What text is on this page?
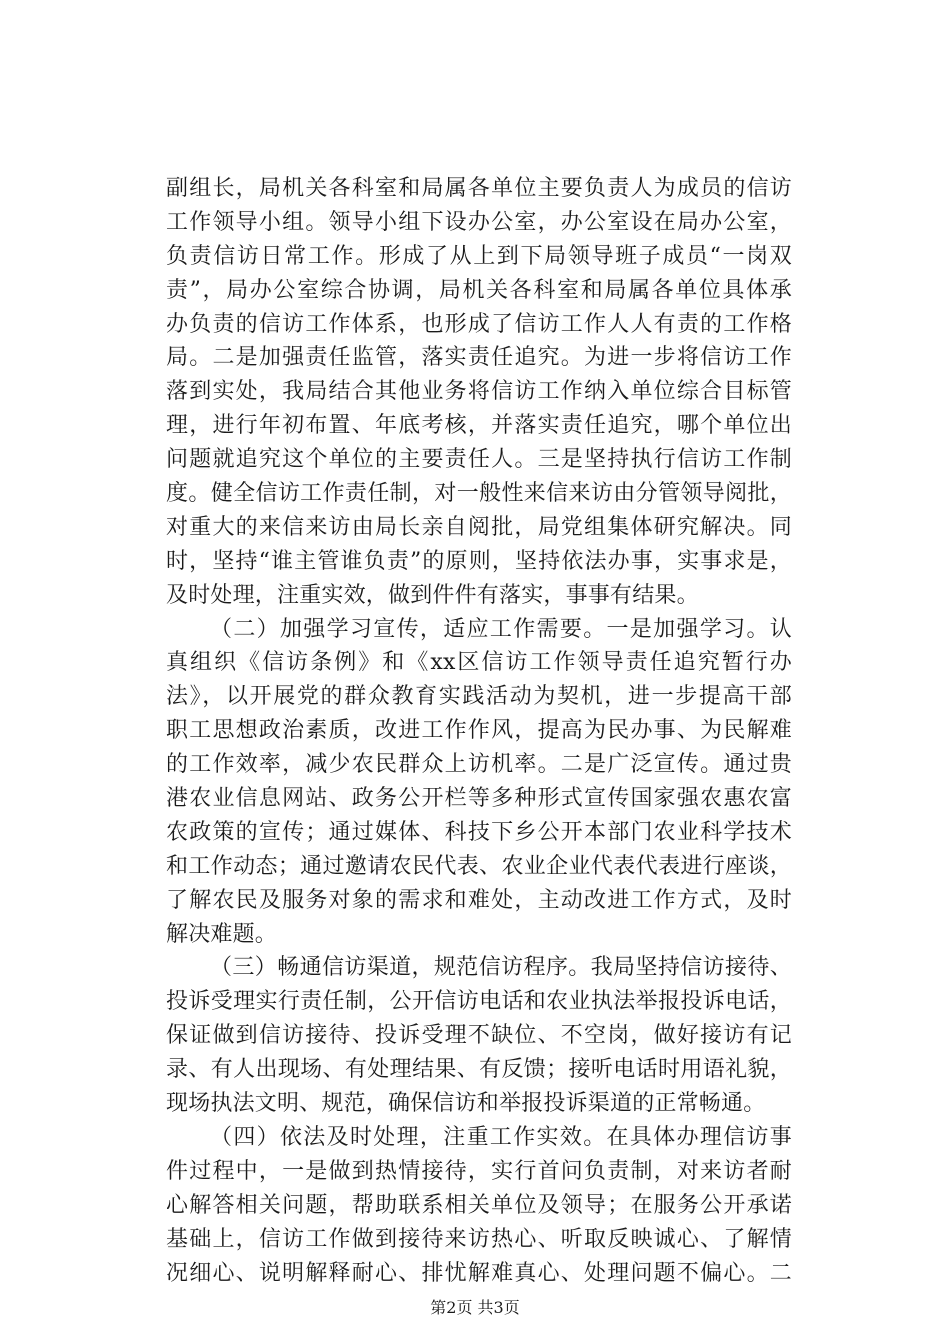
副组长，局机关各科室和局属各单位主要负责人为成员的信访
工作领导小组。领导小组下设办公室，办公室设在局办公室，
负责信访日常工作。形成了从上到下局领导班子成员“一岗双
责”，局办公室综合协调，局机关各科室和局属各单位具体承
办负责的信访工作体系，也形成了信访工作人人有责的工作格
局。二是加强责任监管，落实责任追究。为进一步将信访工作
落到实处，我局结合其他业务将信访工作纳入单位综合目标管
理，进行年初布置、年底考核，并落实责任追究，哪个单位出
问题就追究这个单位的主要责任人。三是坚持执行信访工作制
度。健全信访工作责任制，对一般性来信来访由分管领导阅批，
对重大的来信来访由局长亲自阅批，局党组集体研究解决。同
时，坚持“谁主管谁负责”的原则，坚持依法办事，实事求是，
及时处理，注重实效，做到件件有落实，事事有结果。
（二）加强学习宣传，适应工作需要。一是加强学习。认
真组织《信访条例》和《xx区信访工作领导责任追究暂行办
法》，以开展党的群众教育实践活动为契机，进一步提高干部
职工思想政治素质，改进工作作风，提高为民办事、为民解难
的工作效率，减少农民群众上访机率。二是广泛宣传。通过贵
港农业信息网站、政务公开栏等多种形式宣传国家强农惠农富
农政策的宣传；通过媒体、科技下乡公开本部门农业科学技术
和工作动态；通过邀请农民代表、农业企业代表代表进行座谈，
了解农民及服务对象的需求和难处，主动改进工作方式，及时
解决难题。
（三）畅通信访渠道，规范信访程序。我局坚持信访接待、
投诉受理实行责任制，公开信访电话和农业执法举报投诉电话，
保证做到信访接待、投诉受理不缺位、不空岗，做好接访有记
录、有人出现场、有处理结果、有反馈；接听电话时用语礼貌，
现场执法文明、规范，确保信访和举报投诉渠道的正常畅通。
（四）依法及时处理，注重工作实效。在具体办理信访事
件过程中，一是做到热情接待，实行首问负责制，对来访者耐
心解答相关问题，帮助联系相关单位及领导；在服务公开承诺
基础上，信访工作做到接待来访热心、听取反映诚心、了解情
况细心、说明解释耐心、排忧解难真心、处理问题不偏心。二
第2页 共3页
